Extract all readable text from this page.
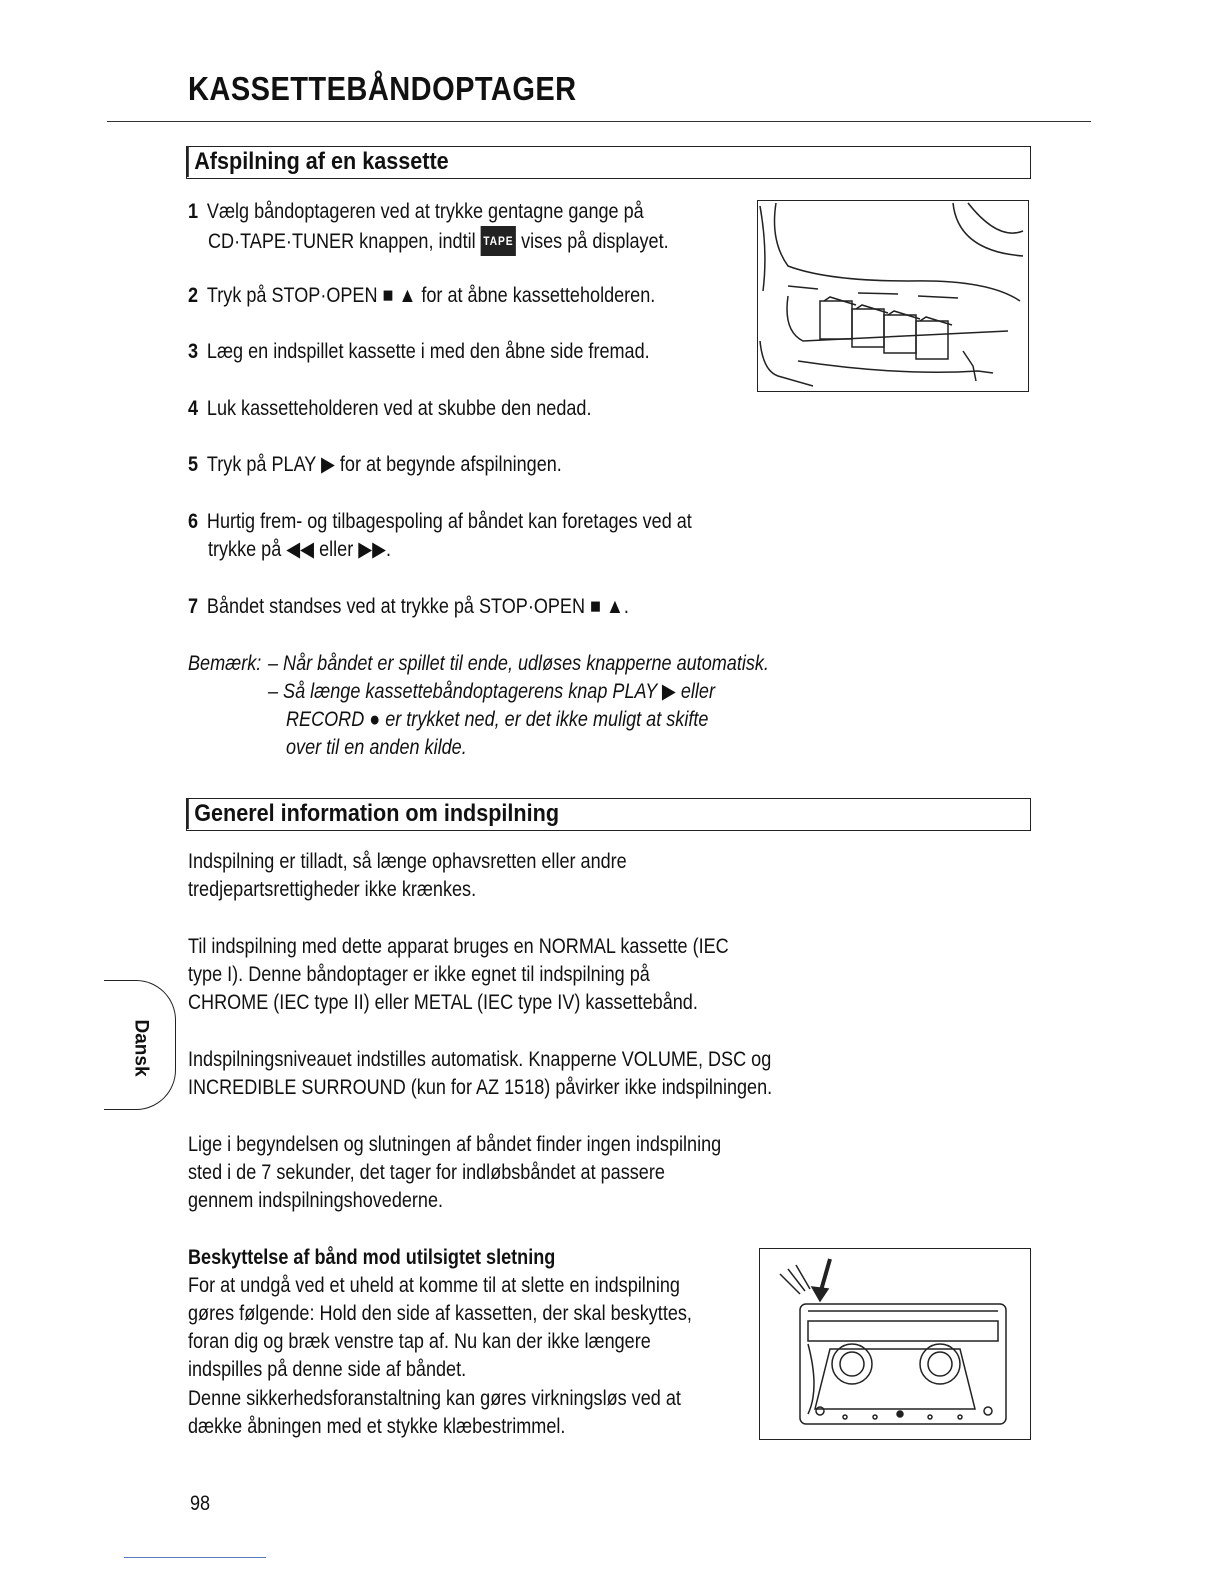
KASSETTEBÅNDOPTAGER
Afspilning af en kassette
1 Vælg båndoptageren ved at trykke gentagne gange på
CD·TAPE·TUNER knappen, indtil TAPE vises på displayet.
2 Tryk på STOP·OPEN ■ ▲ for at åbne kassetteholderen.
3 Læg en indspillet kassette i med den åbne side fremad.
4 Luk kassetteholderen ved at skubbe den nedad.
5 Tryk på PLAY ▶ for at begynde afspilningen.
6 Hurtig frem- og tilbagespoling af båndet kan foretages ved at
trykke på ◀◀ eller ▶▶.
7 Båndet standses ved at trykke på STOP·OPEN ■ ▲.
Bemærk: – Når båndet er spillet til ende, udløses knapperne automatisk.
– Så længe kassettebåndoptagerens knap PLAY ▶ eller
RECORD ● er trykket ned, er det ikke muligt at skifte
over til en anden kilde.
Generel information om indspilning
Indspilning er tilladt, så længe ophavsretten eller andre
tredjepartsrettigheder ikke krænkes.
Til indspilning med dette apparat bruges en NORMAL kassette (IEC
type I). Denne båndoptager er ikke egnet til indspilning på
CHROME (IEC type II) eller METAL (IEC type IV) kassettebånd.
Indspilningsniveauet indstilles automatisk. Knapperne VOLUME, DSC og
INCREDIBLE SURROUND (kun for AZ 1518) påvirker ikke indspilningen.
Lige i begyndelsen og slutningen af båndet finder ingen indspilning
sted i de 7 sekunder, det tager for indløbsbåndet at passere
gennem indspilningshovederne.
Beskyttelse af bånd mod utilsigtet sletning
For at undgå ved et uheld at komme til at slette en indspilning
gøres følgende: Hold den side af kassetten, der skal beskyttes,
foran dig og bræk venstre tap af. Nu kan der ikke længere
indspilles på denne side af båndet.
Denne sikkerhedsforanstaltning kan gøres virkningsløs ved at
dække åbningen med et stykke klæbestrimmel.
Dansk
98
